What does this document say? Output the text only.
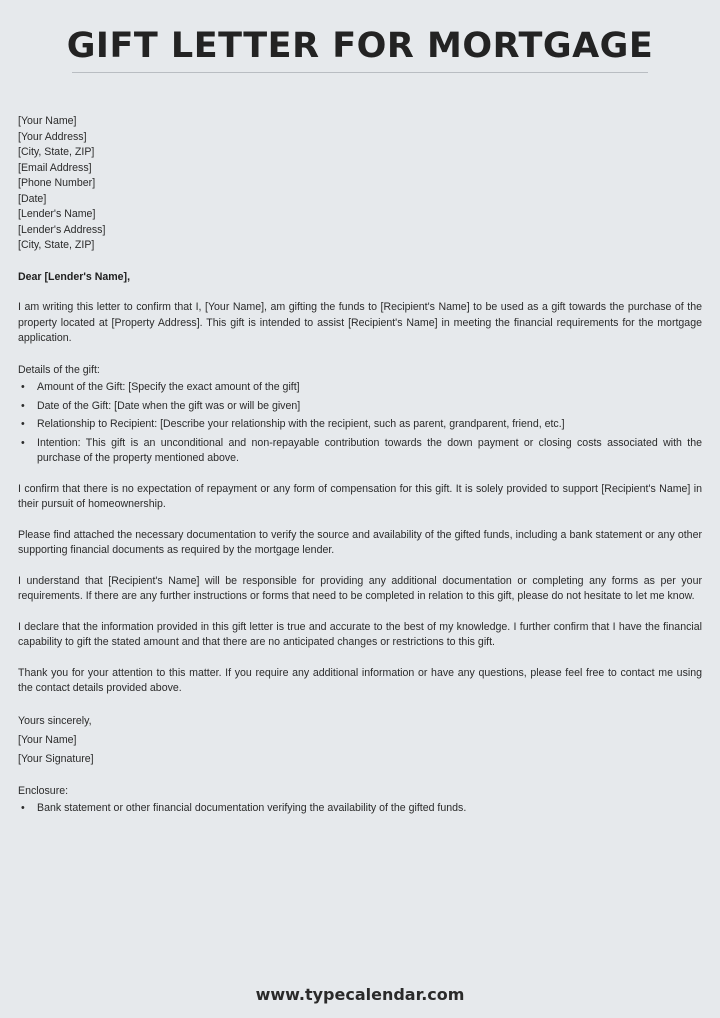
GIFT LETTER FOR MORTGAGE
[Your Name]
[Your Address]
[City, State, ZIP]
[Email Address]
[Phone Number]
[Date]
[Lender's Name]
[Lender's Address]
[City, State, ZIP]
Dear [Lender's Name],

I am writing this letter to confirm that I, [Your Name], am gifting the funds to [Recipient's Name] to be used as a gift towards the purchase of the property located at [Property Address]. This gift is intended to assist [Recipient's Name] in meeting the financial requirements for the mortgage application.

Details of the gift:
• Amount of the Gift: [Specify the exact amount of the gift]
• Date of the Gift: [Date when the gift was or will be given]
• Relationship to Recipient: [Describe your relationship with the recipient, such as parent, grandparent, friend, etc.]
• Intention: This gift is an unconditional and non-repayable contribution towards the down payment or closing costs associated with the purchase of the property mentioned above.

I confirm that there is no expectation of repayment or any form of compensation for this gift. It is solely provided to support [Recipient's Name] in their pursuit of homeownership.

Please find attached the necessary documentation to verify the source and availability of the gifted funds, including a bank statement or any other supporting financial documents as required by the mortgage lender.

I understand that [Recipient's Name] will be responsible for providing any additional documentation or completing any forms as per your requirements. If there are any further instructions or forms that need to be completed in relation to this gift, please do not hesitate to let me know.

I declare that the information provided in this gift letter is true and accurate to the best of my knowledge. I further confirm that I have the financial capability to gift the stated amount and that there are no anticipated changes or restrictions to this gift.

Thank you for your attention to this matter. If you require any additional information or have any questions, please feel free to contact me using the contact details provided above.

Yours sincerely,
[Your Name]
[Your Signature]
Enclosure:
• Bank statement or other financial documentation verifying the availability of the gifted funds.
www.typecalendar.com
